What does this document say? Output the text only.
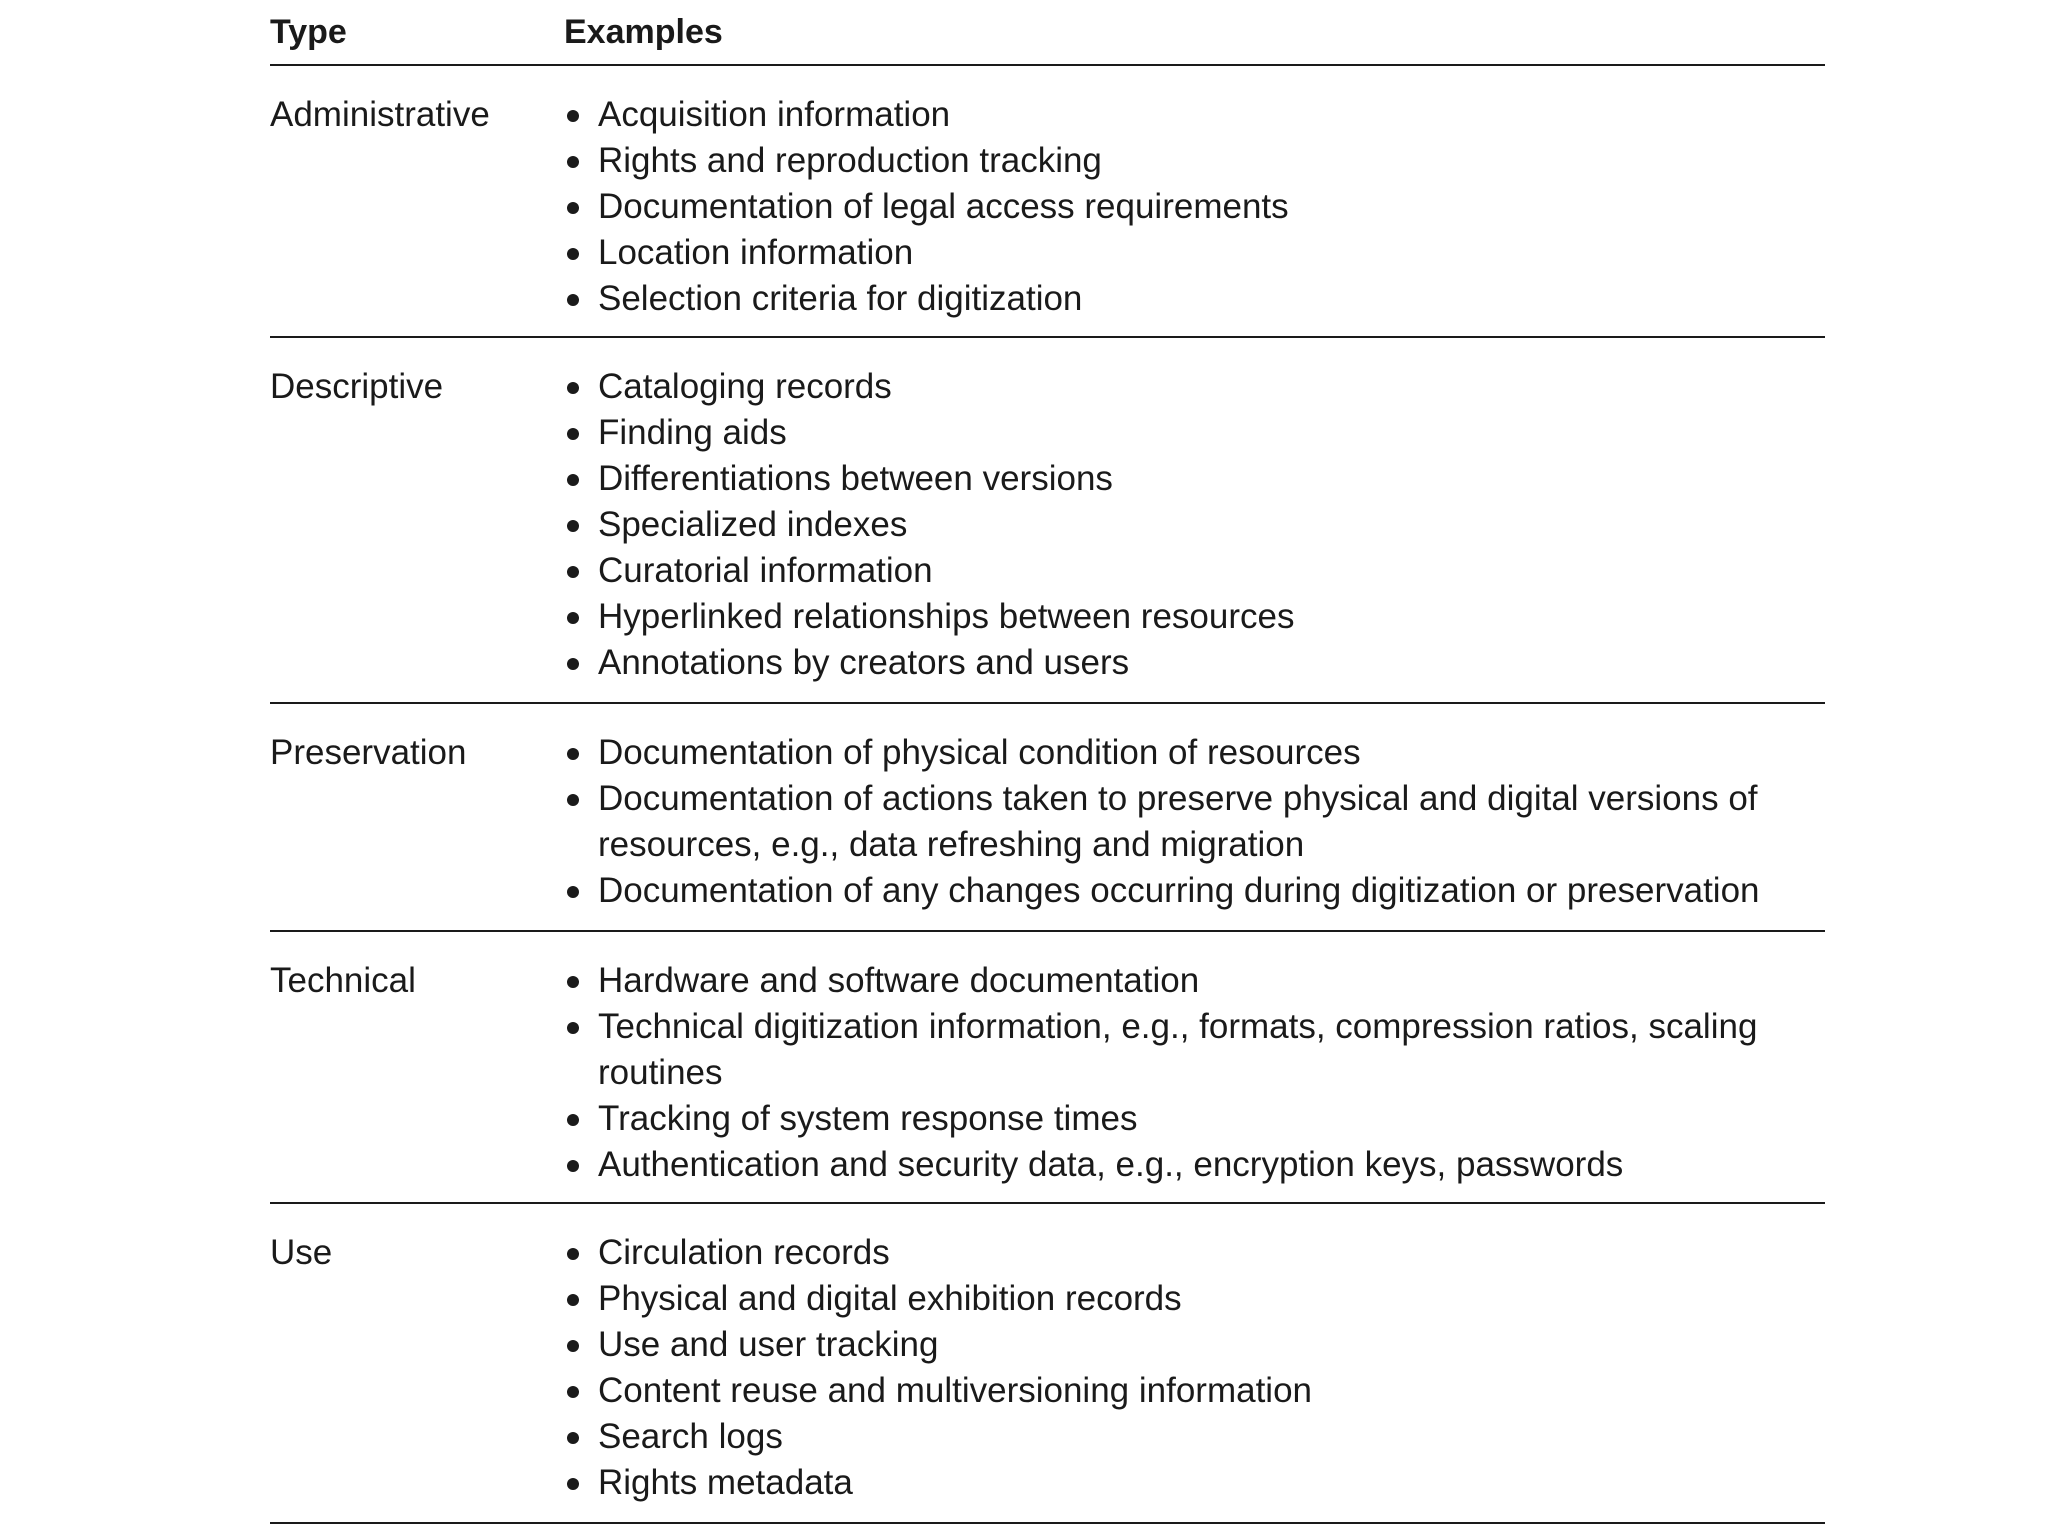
Type	Examples
Administrative	Acquisition information
Rights and reproduction tracking
Documentation of legal access requirements
Location information
Selection criteria for digitization
Descriptive	Cataloging records
Finding aids
Differentiations between versions
Specialized indexes
Curatorial information
Hyperlinked relationships between resources
Annotations by creators and users
Preservation	Documentation of physical condition of resources
Documentation of actions taken to preserve physical and digital versions of resources, e.g., data refreshing and migration
Documentation of any changes occurring during digitization or preservation
Technical	Hardware and software documentation
Technical digitization information, e.g., formats, compression ratios, scaling routines
Tracking of system response times
Authentication and security data, e.g., encryption keys, passwords
Use	Circulation records
Physical and digital exhibition records
Use and user tracking
Content reuse and multiversioning information
Search logs
Rights metadata
